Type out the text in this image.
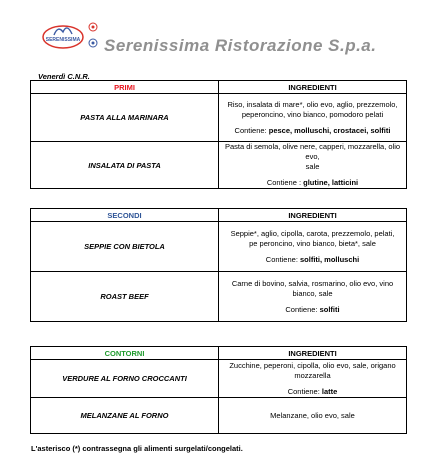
SERENISSIMA Serenissima Ristorazione S.p.a.
Venerdì C.N.R.
PRIMI	INGREDIENTI
PASTA ALLA MARINARA	Riso, insalata di mare*, olio evo, aglio, prezzemolo,
peperoncino, vino bianco, pomodoro pelati
Contiene: pesce, molluschi, crostacei, solfiti

INSALATA DI PASTA	Pasta di semola, olive nere, capperi, mozzarella, olio evo,
sale
Contiene : glutine, latticini
SECONDI	INGREDIENTI
SEPPIE CON BIETOLA	Seppie*, aglio, cipolla, carota, prezzemolo, pelati,
pe peroncino, vino bianco, bieta*, sale
Contiene: solfiti, molluschi

ROAST BEEF	Carne di bovino, salvia, rosmarino, olio evo, vino bianco, sale
Contiene: solfiti
CONTORNI	INGREDIENTI
VERDURE AL FORNO CROCCANTI	Zucchine, peperoni, cipolla, olio evo, sale, origano mozzarella
Contiene: latte

MELANZANE AL FORNO	Melanzane, olio evo, sale
L'asterisco (*) contrassegna gli alimenti surgelati/congelati.
